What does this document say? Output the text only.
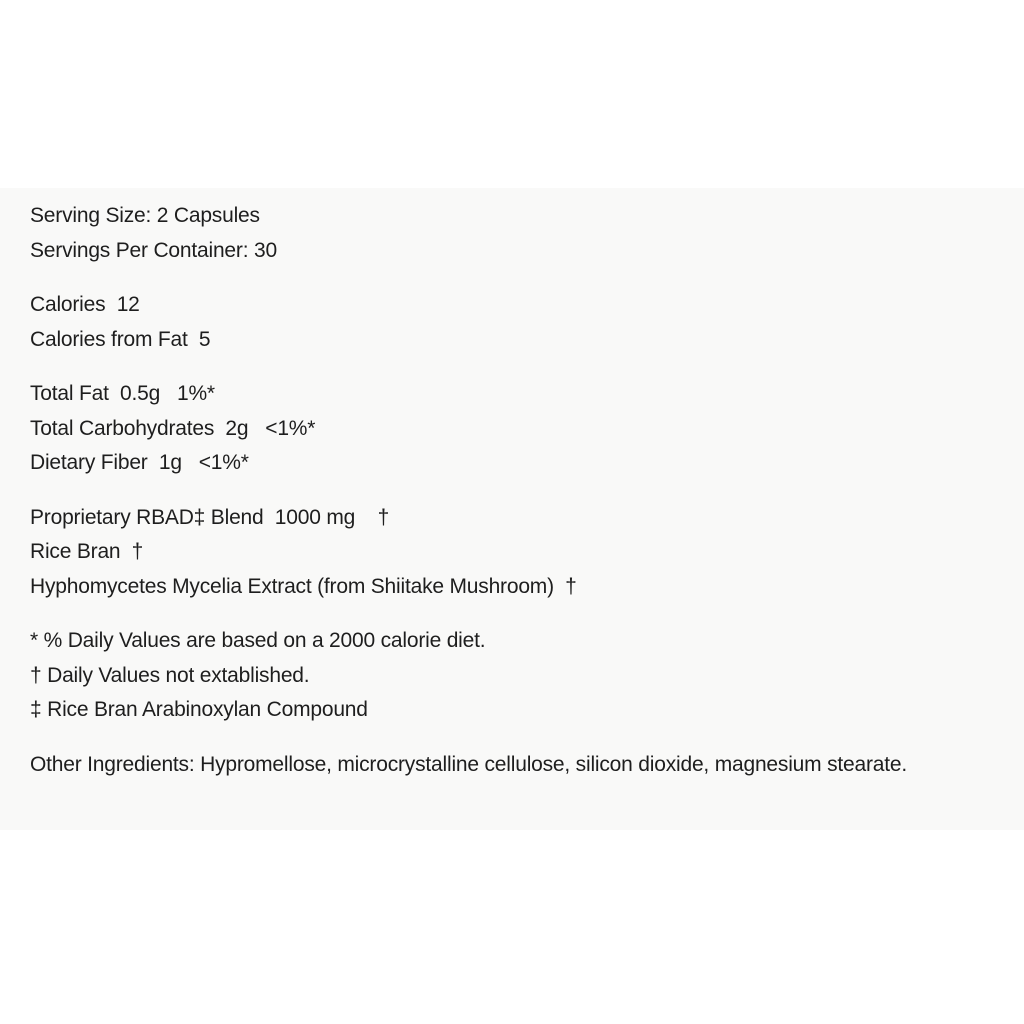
Serving Size: 2 Capsules
Servings Per Container: 30
Calories  12
Calories from Fat  5
Total Fat  0.5g   1%*
Total Carbohydrates  2g   <1%*
Dietary Fiber  1g   <1%*
Proprietary RBAD‡ Blend  1000 mg    †
Rice Bran  †
Hyphomycetes Mycelia Extract (from Shiitake Mushroom)  †
* % Daily Values are based on a 2000 calorie diet.
† Daily Values not extablished.
‡ Rice Bran Arabinoxylan Compound
Other Ingredients: Hypromellose, microcrystalline cellulose, silicon dioxide, magnesium stearate.
